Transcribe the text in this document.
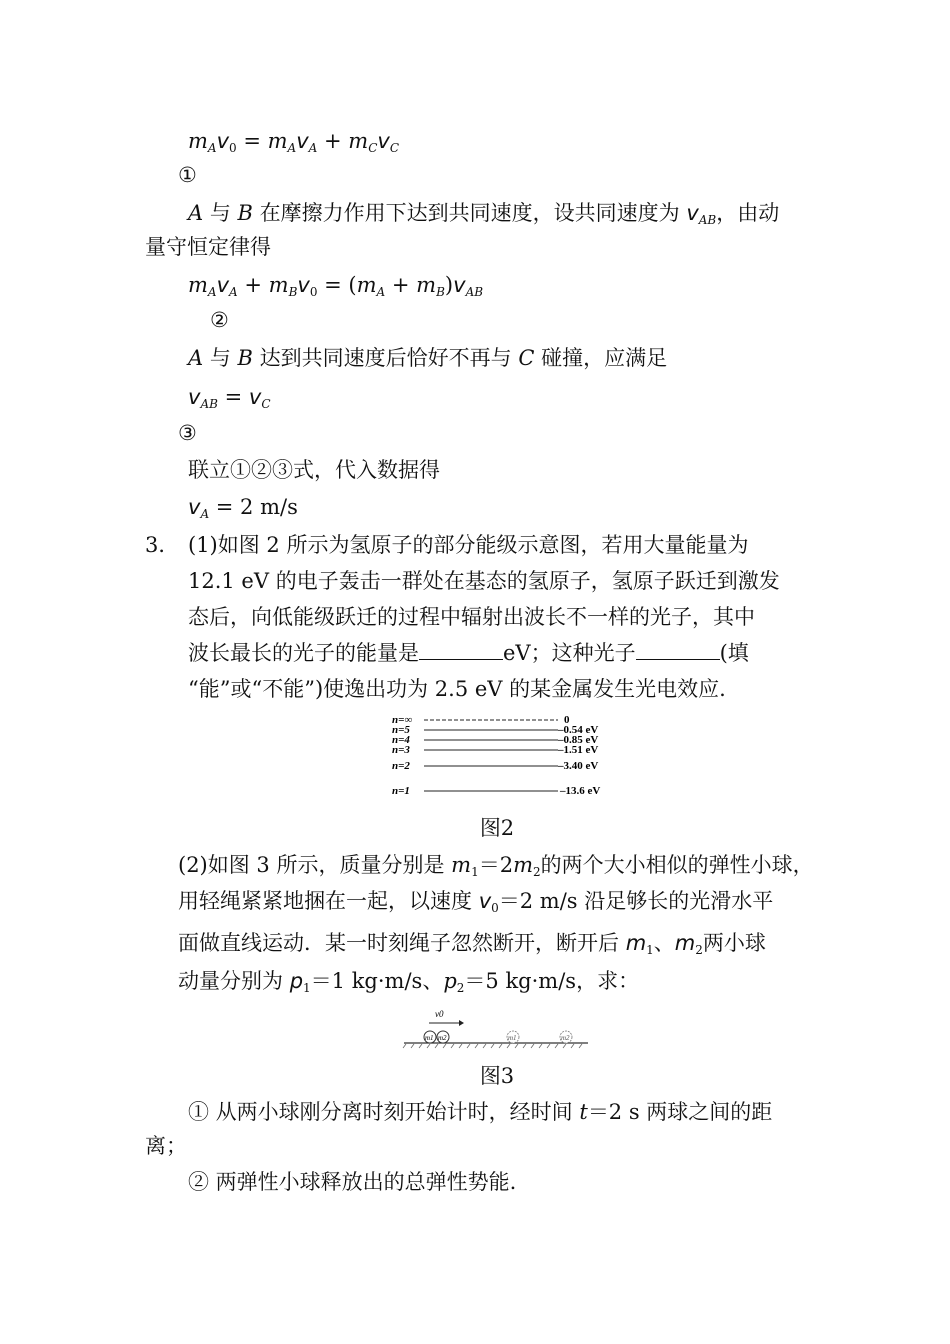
$m_Av_0 = m_Av_A + m_Cv_C$
①
A 与 B 在摩擦力作用下达到共同速度，设共同速度为 $v_{AB}$，由动
量守恒定律得
$m_Av_A + m_Bv_0 = (m_A + m_B)v_{AB}$
②
A 与 B 达到共同速度后恰好不再与 C 碰撞，应满足
$v_{AB} = v_C$
③
联立①②③式，代入数据得
$v_A = 2$ m/s
3． (1)如图 2 所示为氢原子的部分能级示意图，若用大量能量为
12.1 eV 的电子轰击一群处在基态的氢原子，氢原子跃迁到激发
态后，向低能级跃迁的过程中辐射出波长不一样的光子，其中
波长最长的光子的能量是	eV；这种光子	(填
“能”或“不能”)使逸出功为 2.5 eV 的某金属发生光电效应.
n=∞	0
n=5	–0.54 eV
n=4	–0.85 eV
n=3	–1.51 eV
n=2	–3.40 eV
n=1	–13.6 eV
图2
(2)如图 3 所示，质量分别是 $m_1=2m_2$的两个大小相似的弹性小球，
用轻绳紧紧地捆在一起，以速度 $v_0=2$ m/s 沿足够长的光滑水平
面做直线运动．某一时刻绳子忽然断开，断开后 $m_1$、$m_2$两小球
动量分别为 $p_1=1$ kg·m/s、$p_2=5$ kg·m/s，求：
m1 m2	m1	m2
v0
图3
① 从两小球刚分离时刻开始计时，经时间 t＝2 s 两球之间的距
离；
② 两弹性小球释放出的总弹性势能.
